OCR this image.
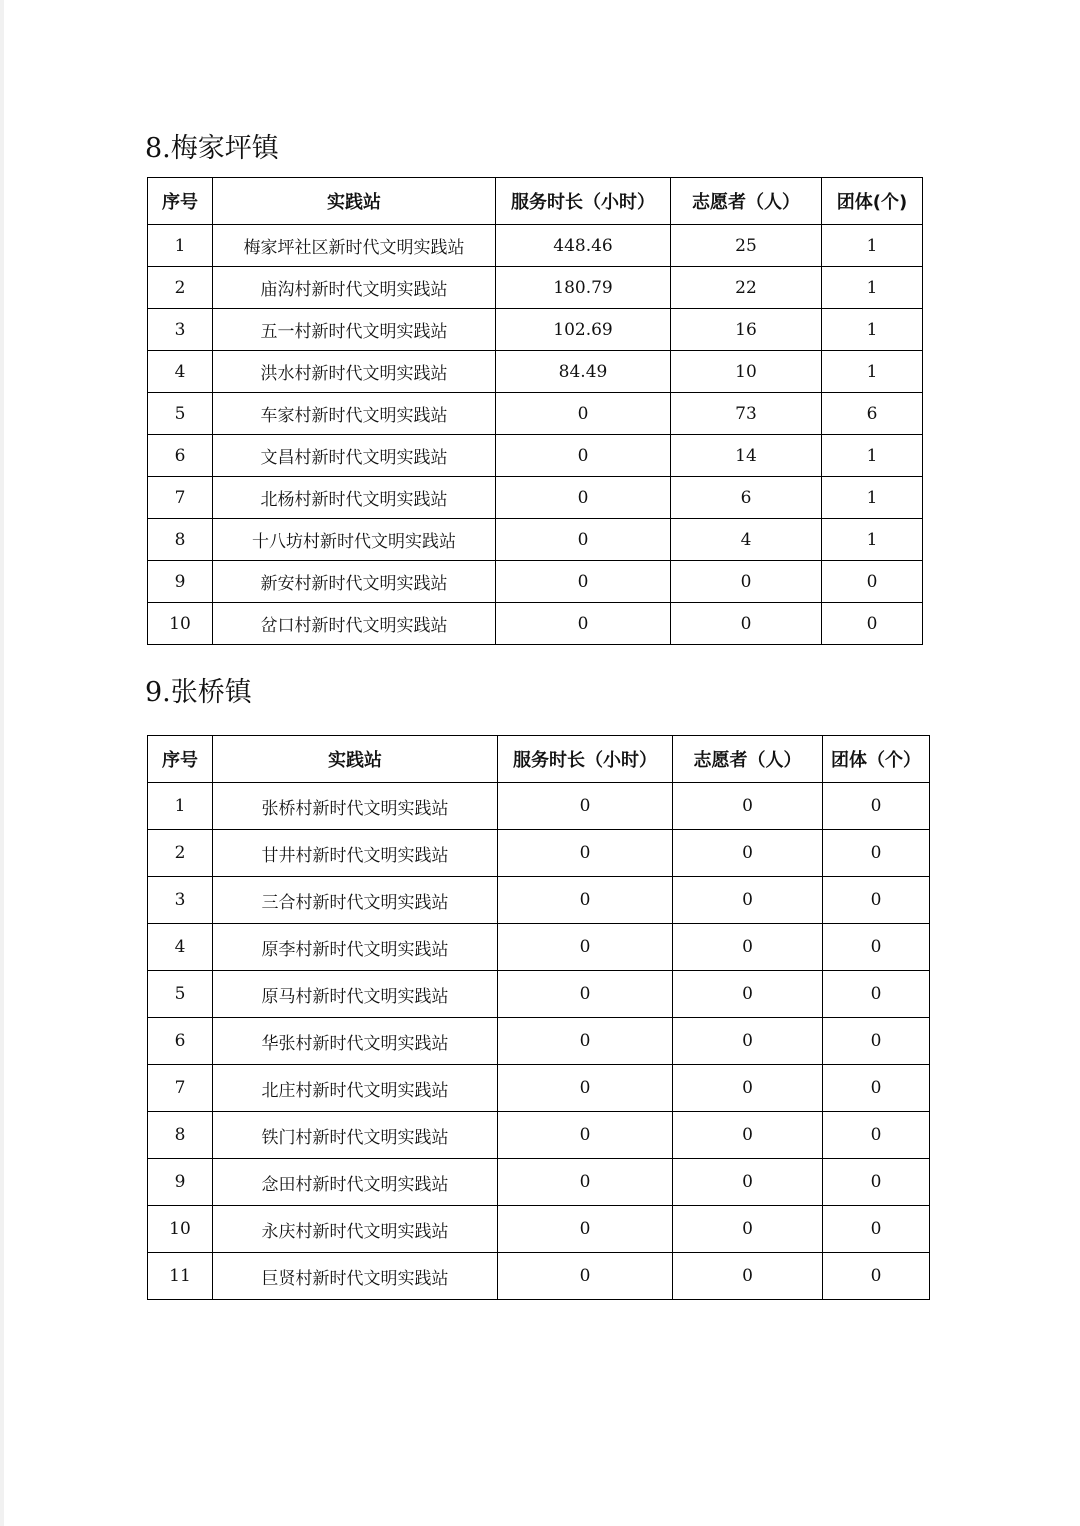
8.梅家坪镇
序号	实践站	服务时长（小时）	志愿者（人）	团体(个)
1	梅家坪社区新时代文明实践站	448.46	25	1
2	庙沟村新时代文明实践站	180.79	22	1
3	五一村新时代文明实践站	102.69	16	1
4	洪水村新时代文明实践站	84.49	10	1
5	车家村新时代文明实践站	0	73	6
6	文昌村新时代文明实践站	0	14	1
7	北杨村新时代文明实践站	0	6	1
8	十八坊村新时代文明实践站	0	4	1
9	新安村新时代文明实践站	0	0	0
10	岔口村新时代文明实践站	0	0	0
9.张桥镇
序号	实践站	服务时长（小时）	志愿者（人）	团体（个）
1	张桥村新时代文明实践站	0	0	0
2	甘井村新时代文明实践站	0	0	0
3	三合村新时代文明实践站	0	0	0
4	原李村新时代文明实践站	0	0	0
5	原马村新时代文明实践站	0	0	0
6	华张村新时代文明实践站	0	0	0
7	北庄村新时代文明实践站	0	0	0
8	铁门村新时代文明实践站	0	0	0
9	念田村新时代文明实践站	0	0	0
10	永庆村新时代文明实践站	0	0	0
11	巨贤村新时代文明实践站	0	0	0
